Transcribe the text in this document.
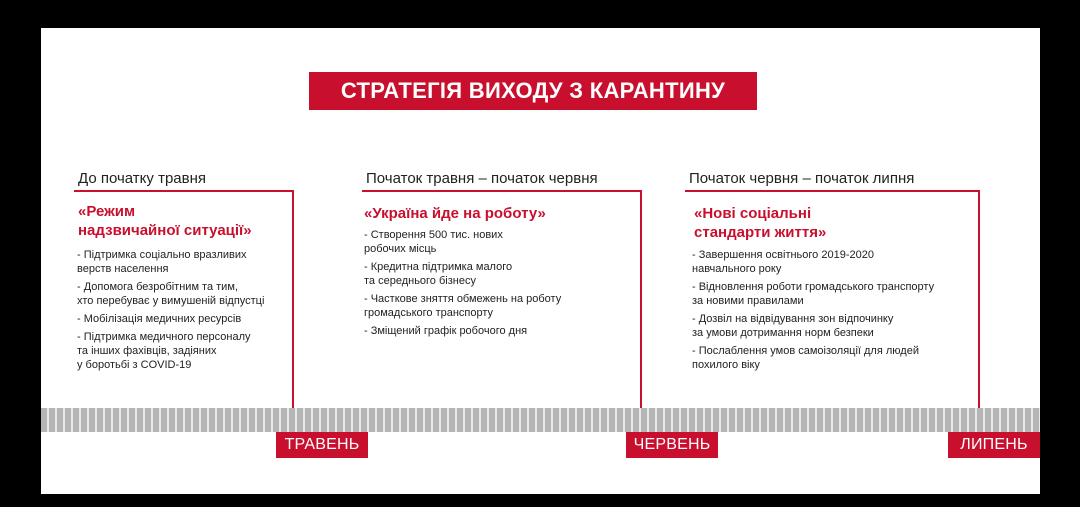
СТРАТЕГІЯ ВИХОДУ З КАРАНТИНУ
До початку травня
«Режим
надзвичайної ситуації»
- Підтримка соціально вразливих
верств населення
- Допомога безробітним та тим,
хто перебуває у вимушеній відпустці
- Мобілізація медичних ресурсів
- Підтримка медичного персоналу
та інших фахівців, задіяних
у боротьбі з COVID-19
Початок травня – початок червня
«Україна йде на роботу»
- Створення 500 тис. нових
робочих місць
- Кредитна підтримка малого
та середнього бізнесу
- Часткове зняття обмежень на роботу
громадського транспорту
- Зміщений графік робочого дня
Початок червня – початок липня
«Нові соціальні
стандарти життя»
- Завершення освітнього 2019-2020
навчального року
- Відновлення роботи громадського транспорту
за новими правилами
- Дозвіл на відвідування зон відпочинку
за умови дотримання норм безпеки
- Послаблення умов самоізоляції для людей
похилого віку
ТРАВЕНЬ	ЧЕРВЕНЬ	ЛИПЕНЬ
